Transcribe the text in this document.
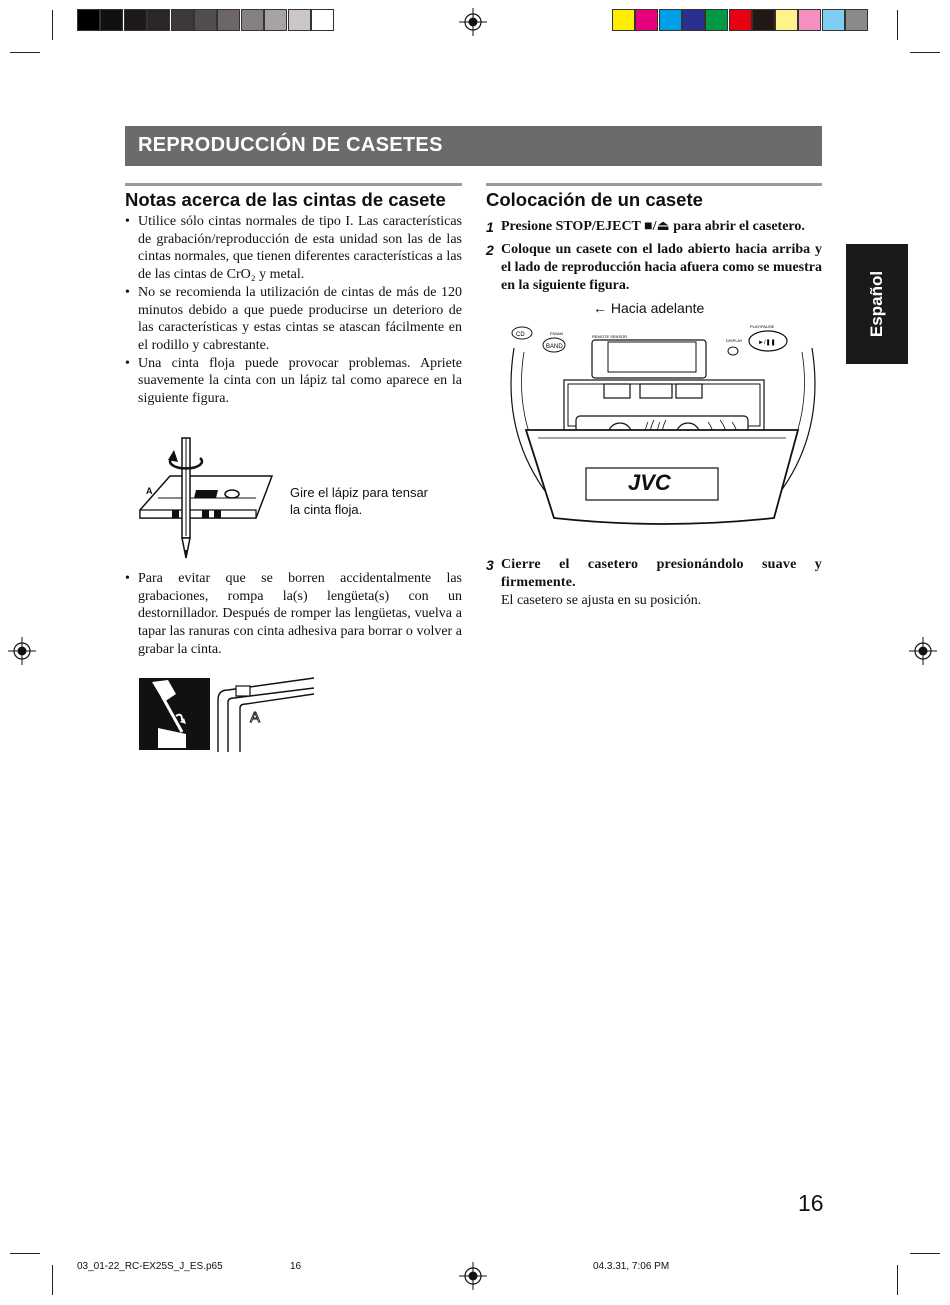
REPRODUCCIÓN DE CASETES
Español
Notas acerca de las cintas de casete
• Utilice sólo cintas normales de tipo I. Las características de grabación/reproducción de esta unidad son las de las cintas normales, que tienen diferentes características a las de las cintas de CrO₂ y metal.
• No se recomienda la utilización de cintas de más de 120 minutos debido a que puede producirse un deterioro de las características y estas cintas se atascan fácilmente en el rodillo y cabrestante.
• Una cinta floja puede provocar problemas. Apriete suavemente la cinta con un lápiz tal como aparece en la siguiente figura.
A	Gire el lápiz para tensar
la cinta floja.
• Para evitar que se borren accidentalmente las grabaciones, rompa la(s) lengüeta(s) con un destornillador. Después de romper las lengüetas, vuelva a tapar las ranuras con cinta adhesiva para borrar o volver a grabar la cinta.
A
Colocación de un casete
1 Presione STOP/EJECT ■/⏏ para abrir el casetero.
2 Coloque un casete con el lado abierto hacia arriba y el lado de reproducción hacia afuera como se muestra en la siguiente figura.
← Hacia adelante
CD
BAND
FM/AM
REMOTE SENSOR
DISPLAY
PLAY/PAUSE
►/❚❚
JVC
3 Cierre el casetero presionándolo suave y firmemente.
El casetero se ajusta en su posición.
16
03_01-22_RC-EX25S_J_ES.p65	16	04.3.31, 7:06 PM
